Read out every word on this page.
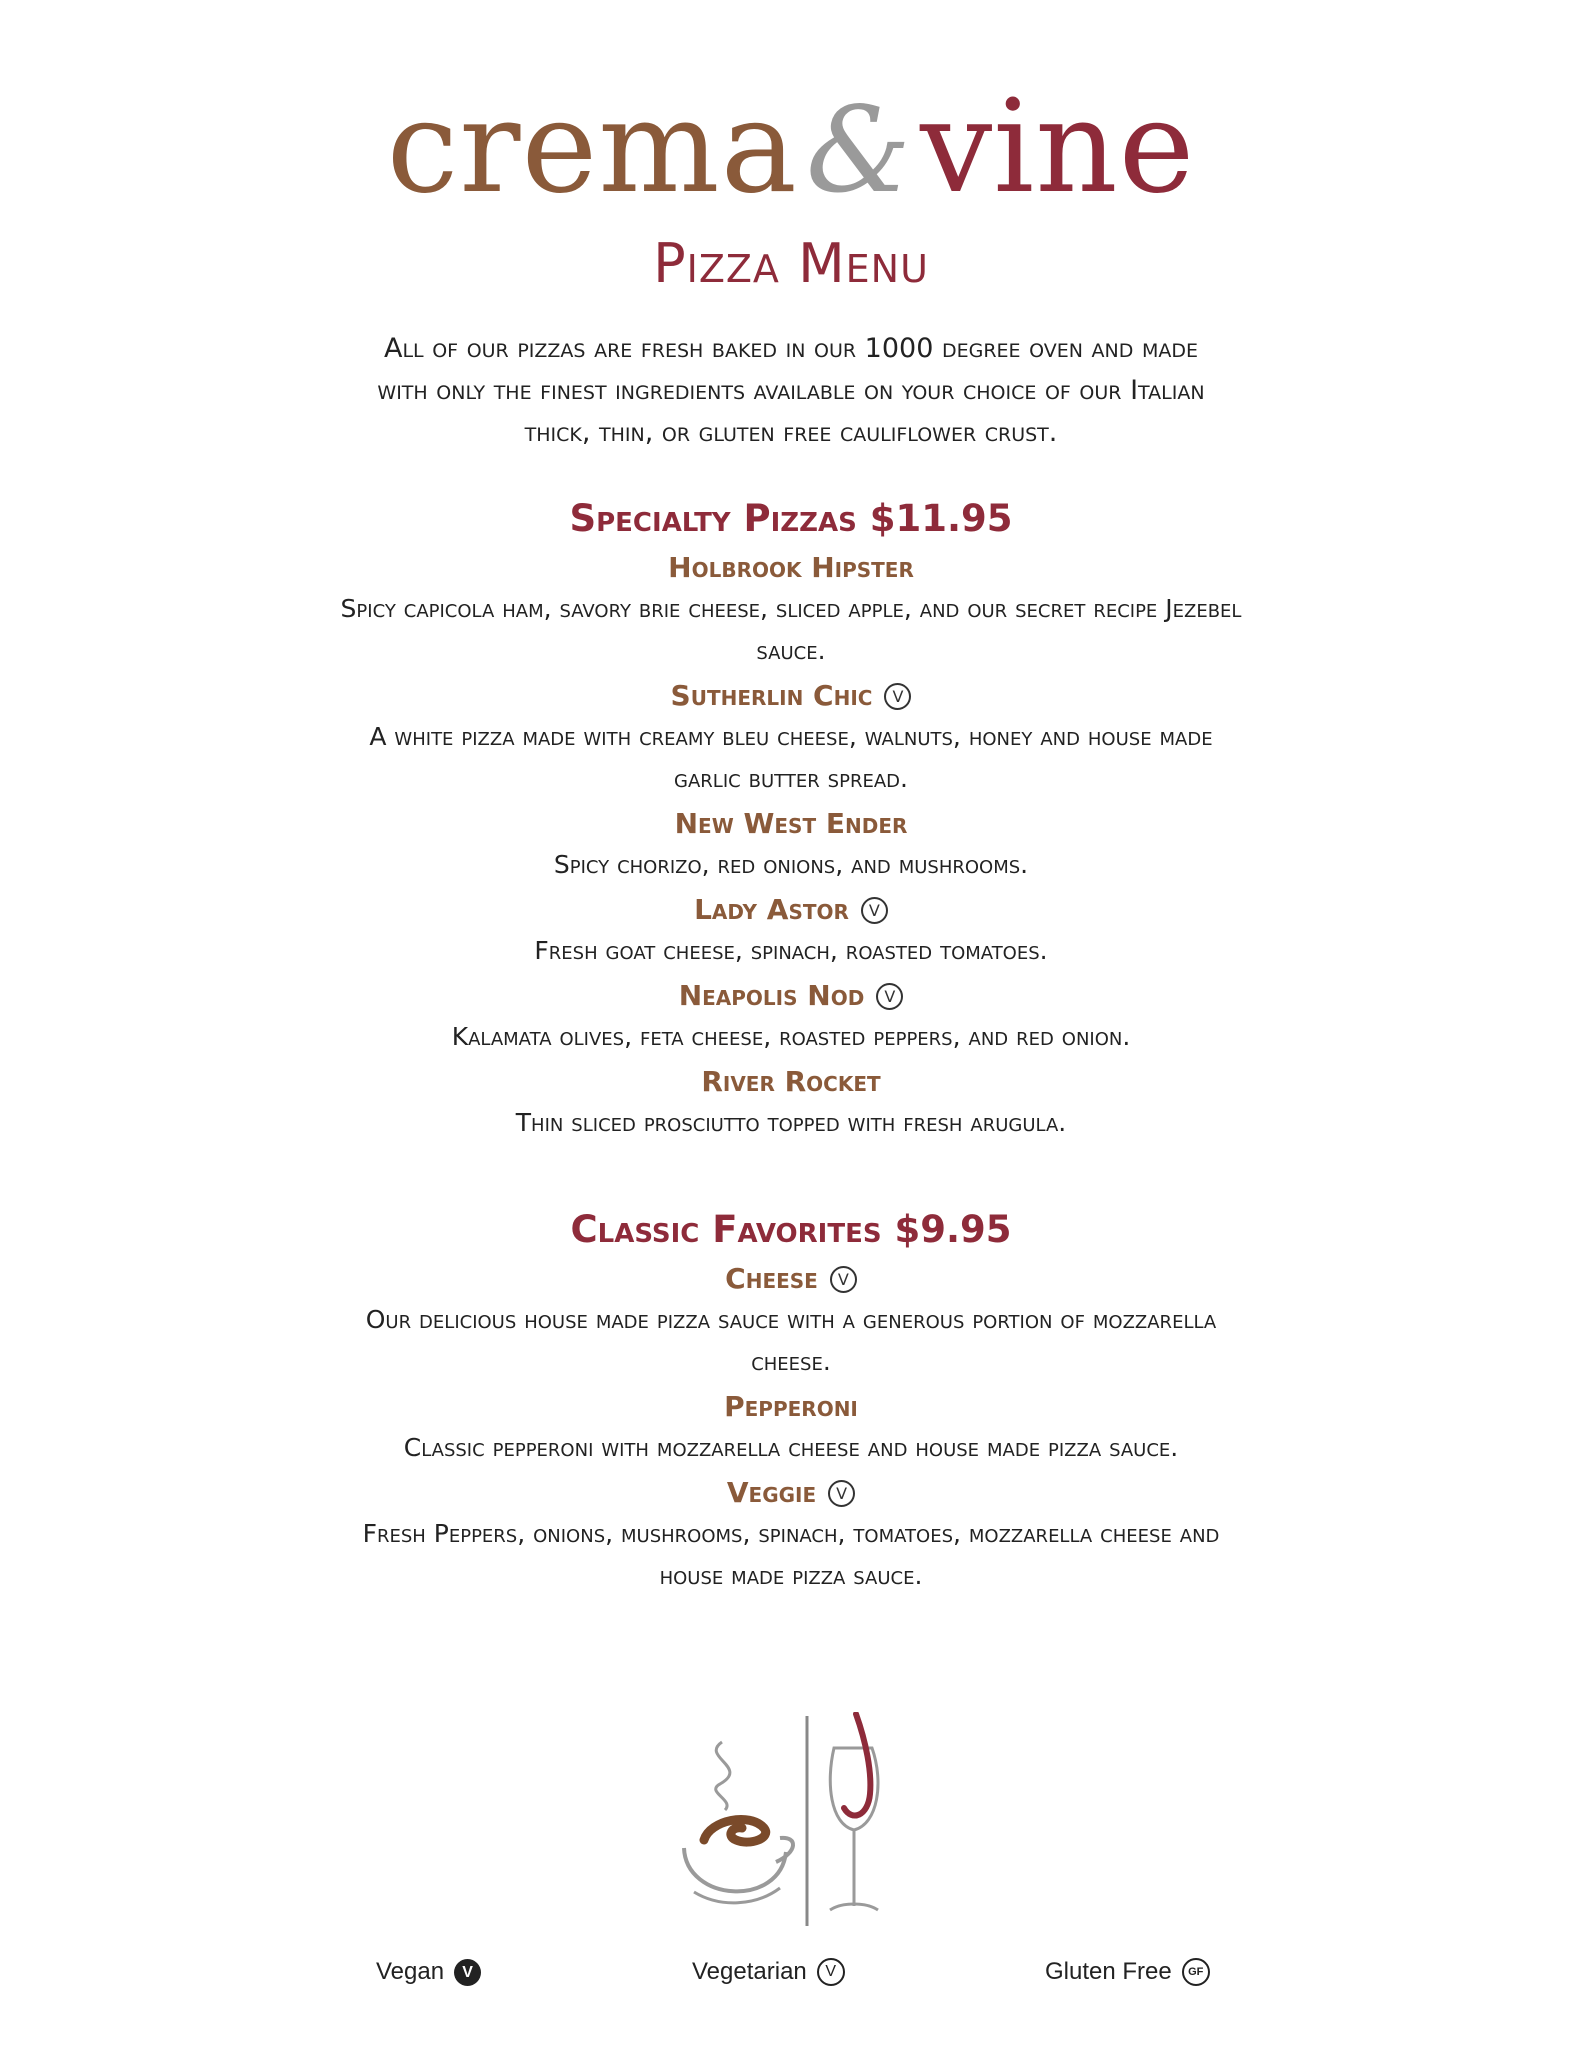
crema&vine
Pizza Menu
All of our pizzas are fresh baked in our 1000 degree oven and made with only the finest ingredients available on your choice of our Italian thick, thin, or gluten free cauliflower crust.
Specialty Pizzas $11.95
Holbrook Hipster
Spicy capicola ham, savory brie cheese, sliced apple, and our secret recipe Jezebel sauce.
Sutherlin Chic V
A white pizza made with creamy bleu cheese, walnuts, honey and house made garlic butter spread.
New West Ender
Spicy chorizo, red onions, and mushrooms.
Lady Astor V
Fresh goat cheese, spinach, roasted tomatoes.
Neapolis Nod V
Kalamata olives, feta cheese, roasted peppers, and red onion.
River Rocket
Thin sliced prosciutto topped with fresh arugula.
Classic Favorites $9.95
Cheese V
Our delicious house made pizza sauce with a generous portion of mozzarella cheese.
Pepperoni
Classic pepperoni with mozzarella cheese and house made pizza sauce.
Veggie V
Fresh Peppers, onions, mushrooms, spinach, tomatoes, mozzarella cheese and house made pizza sauce.
Vegan	V	Vegetarian	V	Gluten Free	GF
